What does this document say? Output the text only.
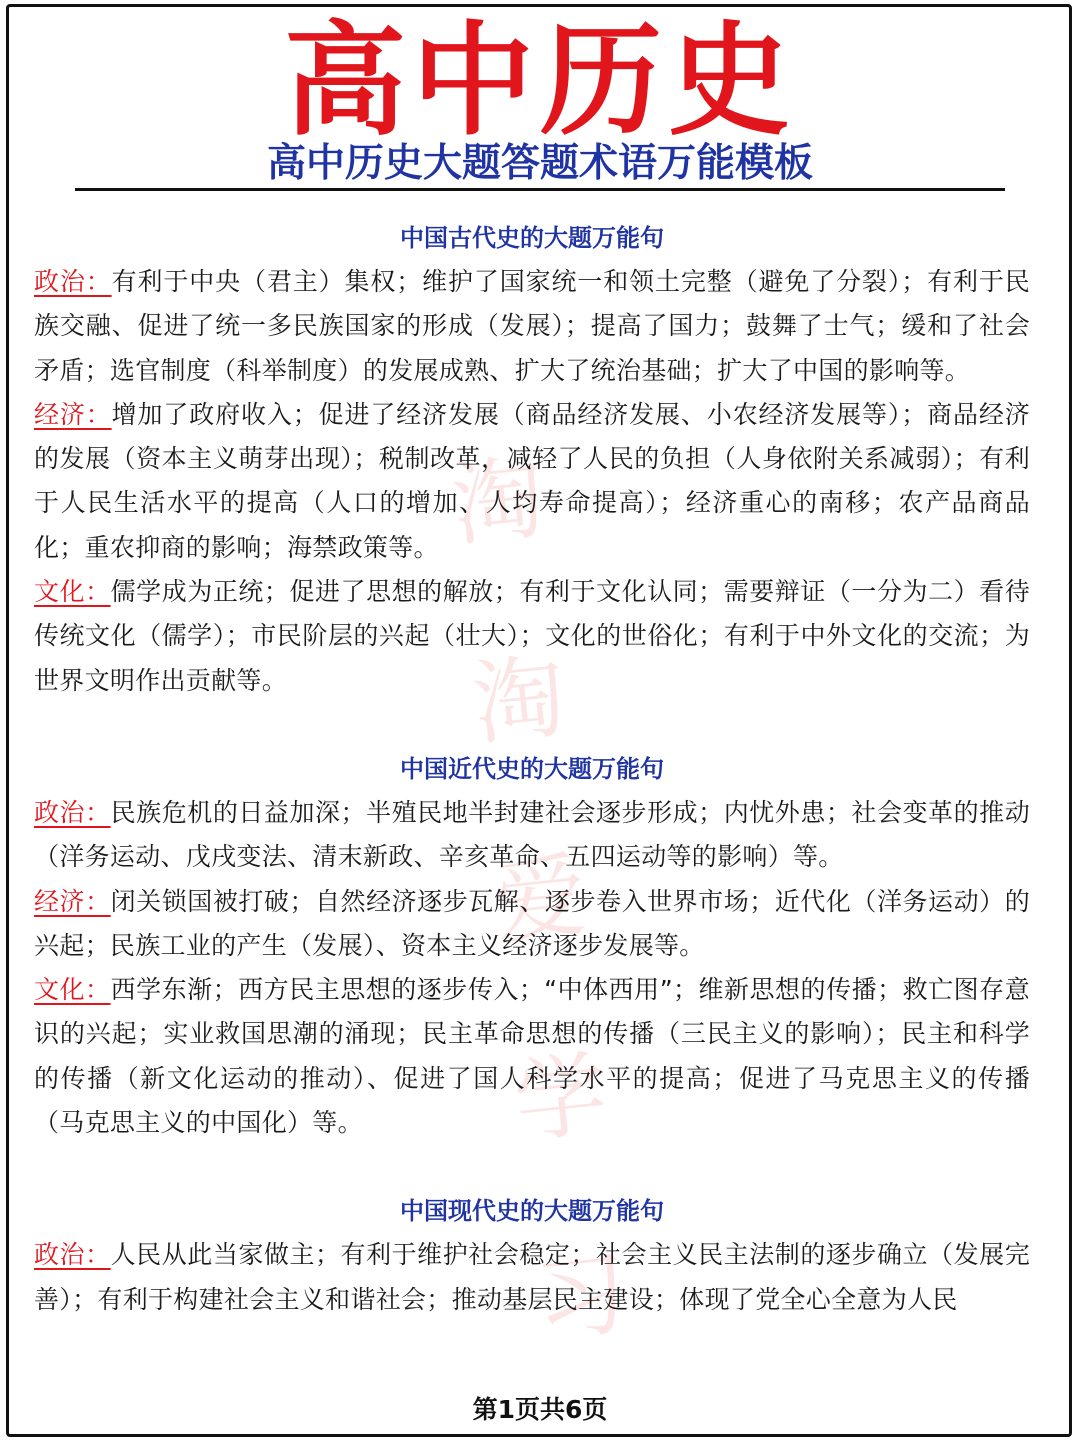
淘淘爱学习
高中历史
高中历史大题答题术语万能模板
中国古代史的大题万能句

政治：有利于中央（君主）集权；维护了国家统一和领土完整（避免了分裂）；有利于民族交融、促进了统一多民族国家的形成（发展）；提高了国力；鼓舞了士气；缓和了社会矛盾；选官制度（科举制度）的发展成熟、扩大了统治基础；扩大了中国的影响等。

经济：增加了政府收入；促进了经济发展（商品经济发展、小农经济发展等）；商品经济的发展（资本主义萌芽出现）；税制改革，减轻了人民的负担（人身依附关系减弱）；有利于人民生活水平的提高（人口的增加、人均寿命提高）；经济重心的南移；农产品商品化；重农抑商的影响；海禁政策等。

文化：儒学成为正统；促进了思想的解放；有利于文化认同；需要辩证（一分为二）看待传统文化（儒学）；市民阶层的兴起（壮大）；文化的世俗化；有利于中外文化的交流；为世界文明作出贡献等。

中国近代史的大题万能句

政治：民族危机的日益加深；半殖民地半封建社会逐步形成；内忧外患；社会变革的推动（洋务运动、戊戌变法、清末新政、辛亥革命、五四运动等的影响）等。

经济：闭关锁国被打破；自然经济逐步瓦解、逐步卷入世界市场；近代化（洋务运动）的兴起；民族工业的产生（发展）、资本主义经济逐步发展等。

文化：西学东渐；西方民主思想的逐步传入；“中体西用”；维新思想的传播；救亡图存意识的兴起；实业救国思潮的涌现；民主革命思想的传播（三民主义的影响）；民主和科学的传播（新文化运动的推动）、促进了国人科学水平的提高；促进了马克思主义的传播（马克思主义的中国化）等。

中国现代史的大题万能句

政治：人民从此当家做主；有利于维护社会稳定；社会主义民主法制的逐步确立（发展完善）；有利于构建社会主义和谐社会；推动基层民主建设；体现了党全心全意为人民

第1页共6页
